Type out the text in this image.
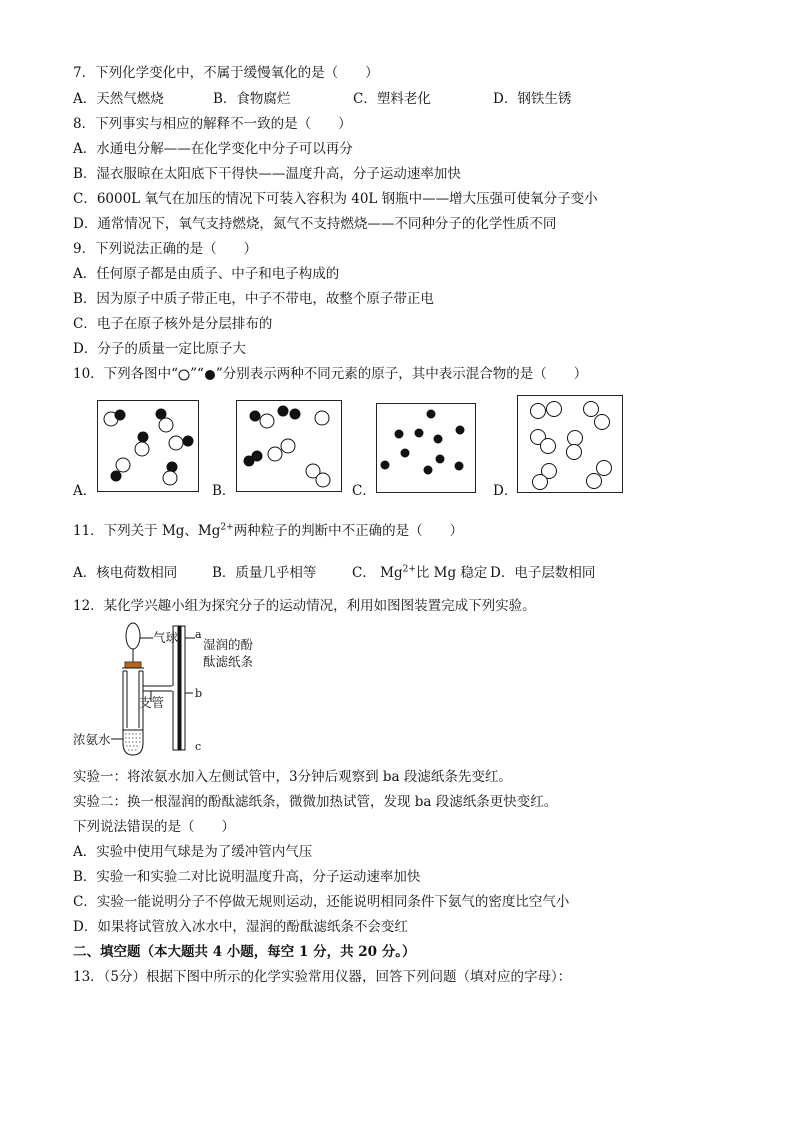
7．下列化学变化中，不属于缓慢氧化的是（　　）
A．天然气燃烧	B．食物腐烂	C．塑料老化	D．钢铁生锈
8．下列事实与相应的解释不一致的是（　　）
A．水通电分解——在化学变化中分子可以再分
B．湿衣服晾在太阳底下干得快——温度升高，分子运动速率加快
C．6000L 氧气在加压的情况下可装入容积为 40L 钢瓶中——增大压强可使氧分子变小
D．通常情况下，氧气支持燃烧，氮气不支持燃烧——不同种分子的化学性质不同
9．下列说法正确的是（　　）
A．任何原子都是由质子、中子和电子构成的
B．因为原子中质子带正电，中子不带电，故整个原子带正电
C．电子在原子核外是分层排布的
D．分子的质量一定比原子大
10．下列各图中“ ”“ ”分别表示两种不同元素的原子，其中表示混合物的是（　　）
A．	B．	C．	D．
11．下列关于 Mg、$Mg^{2+}$两种粒子的判断中不正确的是（　　）
A．核电荷数相同	B．质量几乎相等	C． $Mg^{2+}$比 Mg 稳定 D．电子层数相同
12．某化学兴趣小组为探究分子的运动情况，利用如图图装置完成下列实验。
气球
支管
浓氨水
湿润的酚
酞滤纸条
a
b
c
实验一：将浓氨水加入左侧试管中，3分钟后观察到 ba 段滤纸条先变红。
实验二：换一根湿润的酚酞滤纸条，微微加热试管，发现 ba 段滤纸条更快变红。
下列说法错误的是（　　）
A．实验中使用气球是为了缓冲管内气压
B．实验一和实验二对比说明温度升高，分子运动速率加快
C．实验一能说明分子不停做无规则运动，还能说明相同条件下氨气的密度比空气小
D．如果将试管放入冰水中，湿润的酚酞滤纸条不会变红
二、填空题（本大题共 4 小题，每空 1 分，共 20 分。）
13．（5分）根据下图中所示的化学实验常用仪器，回答下列问题（填对应的字母）：
